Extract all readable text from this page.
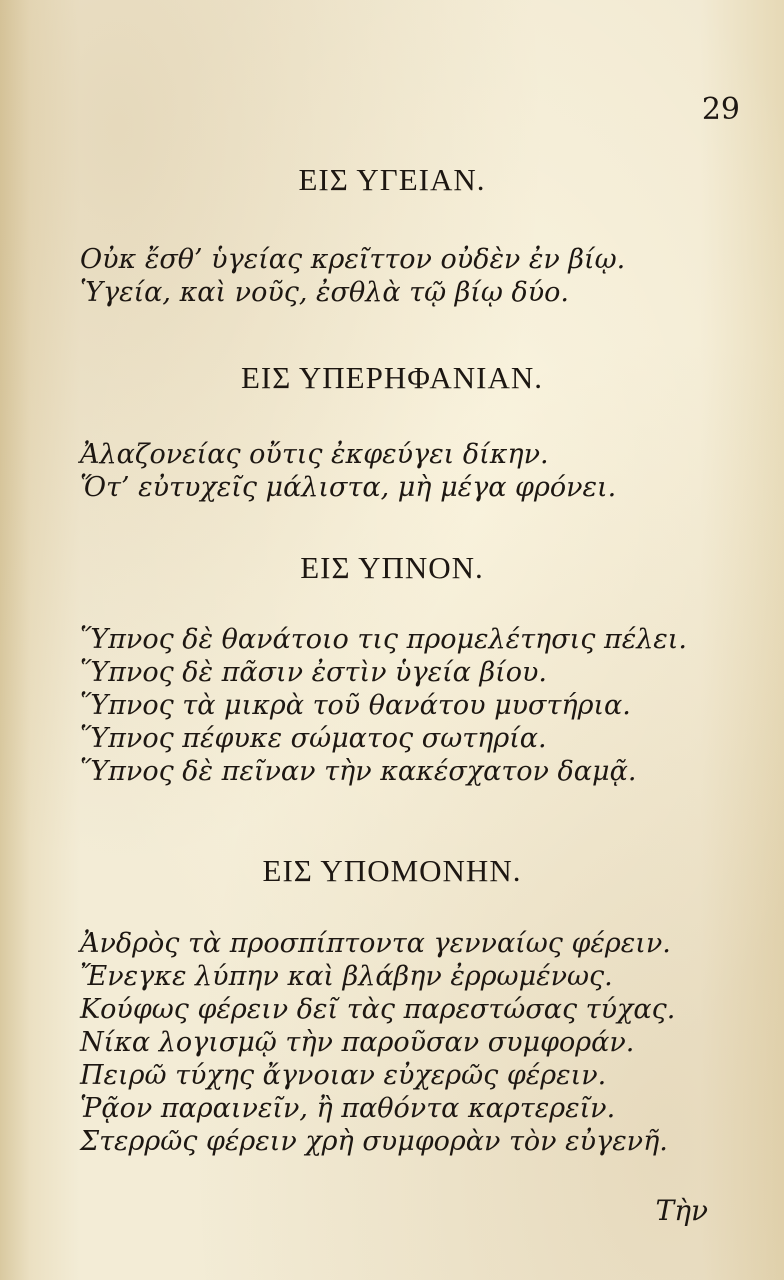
29
ΕΙΣ ΥΓΕΙΑΝ.
Οὐκ ἔσθ’ ὑγείας κρεῖττον οὐδὲν ἐν βίῳ.
Ὑγεία, καὶ νοῦς, ἐσθλὰ τῷ βίῳ δύο.
ΕΙΣ ΥΠΕΡΗΦΑΝΙΑΝ.
Ἀλαζονείας οὔτις ἐκφεύγει δίκην.
Ὅτ’ εὐτυχεῖς μάλιστα, μὴ μέγα φρόνει.
ΕΙΣ ΥΠΝΟΝ.
Ὕπνος δὲ θανάτοιο τις προμελέτησις πέλει.
Ὕπνος δὲ πᾶσιν ἐστὶν ὑγεία βίου.
Ὕπνος τὰ μικρὰ τοῦ θανάτου μυστήρια.
Ὕπνος πέφυκε σώματος σωτηρία.
Ὕπνος δὲ πεῖναν τὴν κακέσχατον δαμᾷ.
ΕΙΣ ΥΠΟΜΟΝΗΝ.
Ἀνδρὸς τὰ προσπίπτοντα γενναίως φέρειν.
Ἔνεγκε λύπην καὶ βλάβην ἐρρωμένως.
Κούφως φέρειν δεῖ τὰς παρεστώσας τύχας.
Νίκα λογισμῷ τὴν παροῦσαν συμφοράν.
Πειρῶ τύχης ἄγνοιαν εὐχερῶς φέρειν.
Ῥᾷον παραινεῖν, ἢ παθόντα καρτερεῖν.
Στερρῶς φέρειν χρὴ συμφορὰν τὸν εὐγενῆ.
Τὴν
